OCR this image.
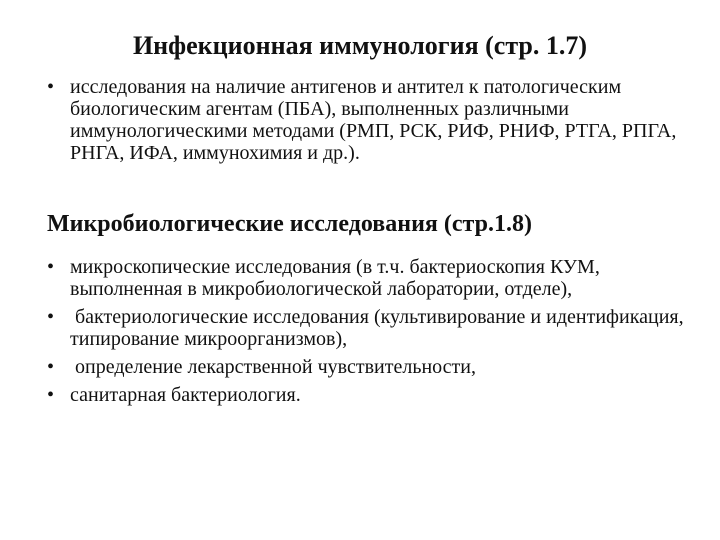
Инфекционная иммунология (стр. 1.7)
• исследования на наличие антигенов и антител к патологическим биологическим агентам (ПБА), выполненных различными иммунологическими методами (РМП, РСК, РИФ, РНИФ, РТГА, РПГА, РНГА, ИФА, иммунохимия и др.).
Микробиологические исследования (стр.1.8)
• микроскопические исследования (в т.ч. бактериоскопия КУМ, выполненная в микробиологической лаборатории, отделе),
• бактериологические исследования (культивирование и идентификация, типирование микроорганизмов),
• определение лекарственной чувствительности,
• санитарная бактериология.
